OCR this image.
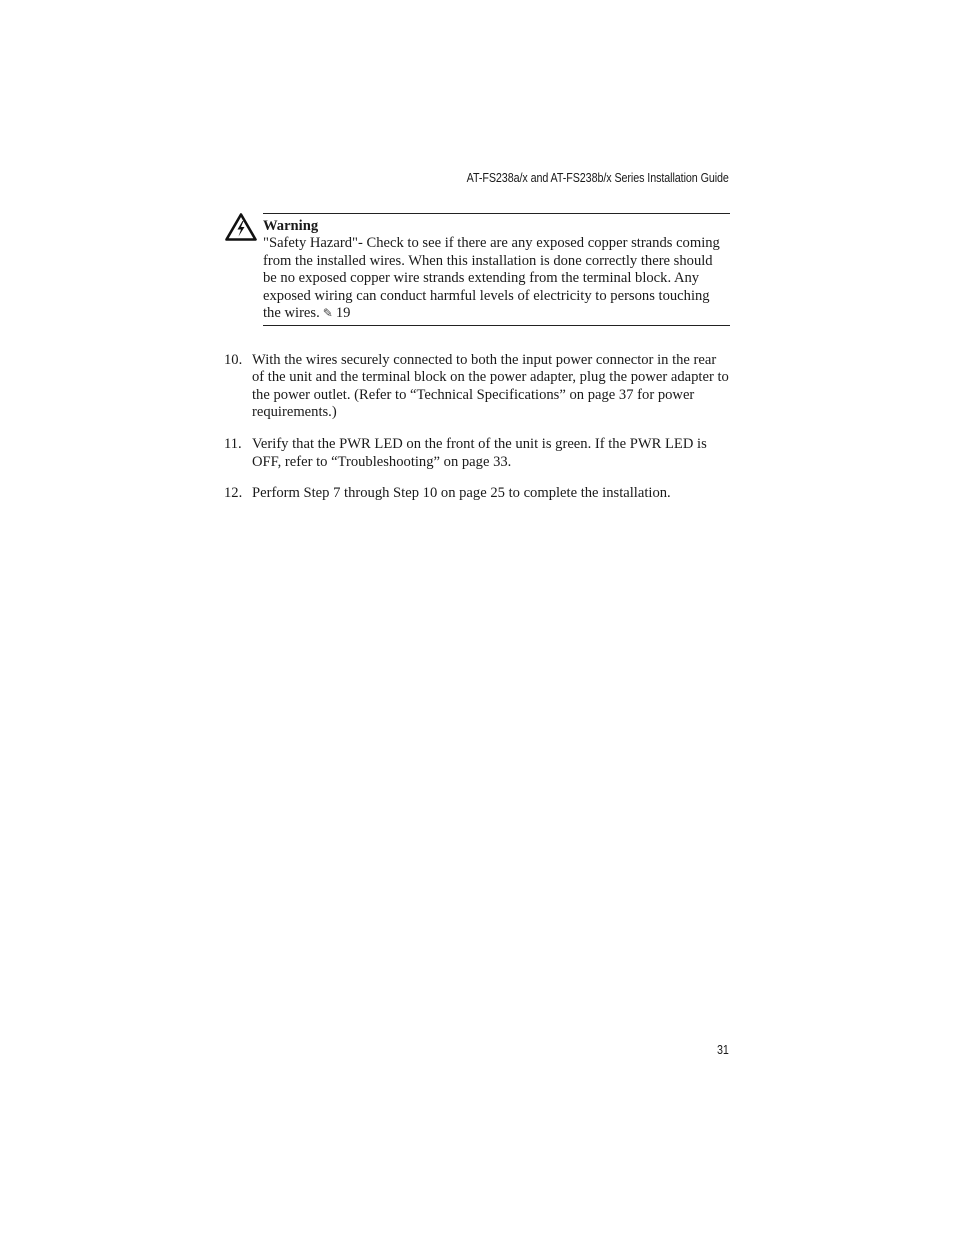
AT-FS238a/x and AT-FS238b/x Series Installation Guide
Warning
"Safety Hazard"- Check to see if there are any exposed copper strands coming from the installed wires. When this installation is done correctly there should be no exposed copper wire strands extending from the terminal block. Any exposed wiring can conduct harmful levels of electricity to persons touching the wires. ✎ 19
10. With the wires securely connected to both the input power connector in the rear of the unit and the terminal block on the power adapter, plug the power adapter to the power outlet. (Refer to “Technical Specifications” on page 37 for power requirements.)
11. Verify that the PWR LED on the front of the unit is green. If the PWR LED is OFF, refer to “Troubleshooting” on page 33.
12. Perform Step 7 through Step 10 on page 25 to complete the installation.
31
